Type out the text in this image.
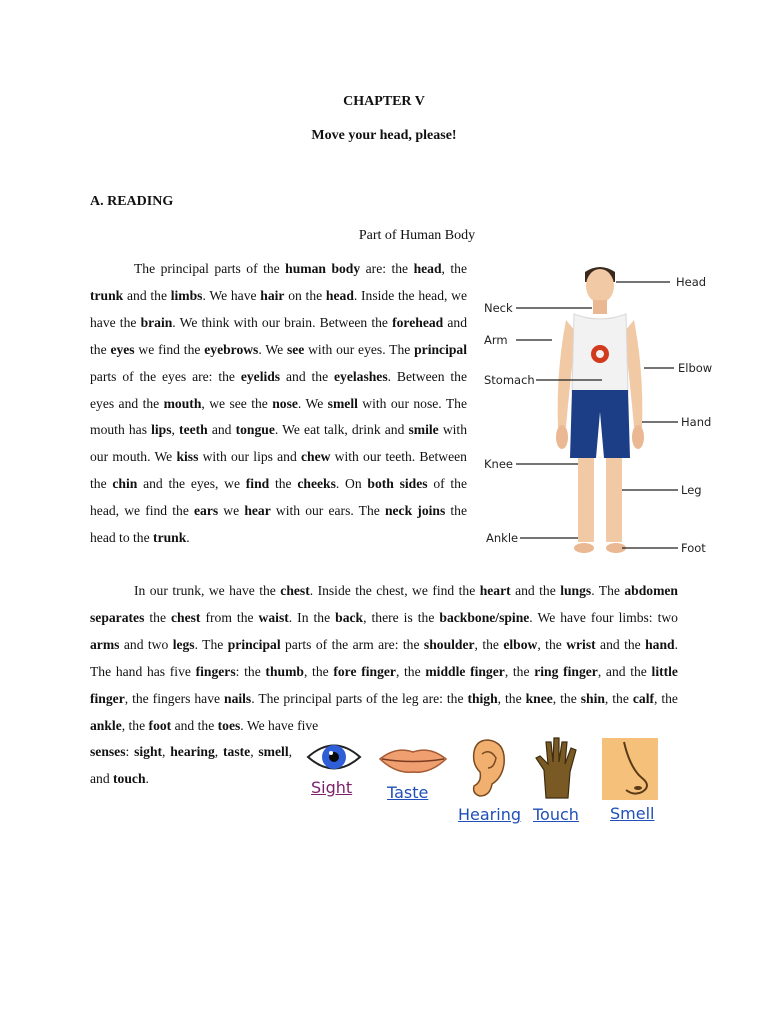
CHAPTER V
Move your head, please!
A. READING
Part of Human Body
The principal parts of the human body are: the head, the trunk and the limbs. We have hair on the head. Inside the head, we have the brain. We think with our brain. Between the forehead and the eyes we find the eyebrows. We see with our eyes. The principal parts of the eyes are: the eyelids and the eyelashes. Between the eyes and the mouth, we see the nose. We smell with our nose. The mouth has lips, teeth and tongue. We eat talk, drink and smile with our mouth. We kiss with our lips and chew with our teeth. Between the chin and the eyes, we find the cheeks. On both sides of the head, we find the ears we hear with our ears. The neck joins the head to the trunk.
In our trunk, we have the chest. Inside the chest, we find the heart and the lungs. The abdomen separates the chest from the waist. In the back, there is the backbone/spine. We have four limbs: two arms and two legs. The principal parts of the arm are: the shoulder, the elbow, the wrist and the hand. The hand has five fingers: the thumb, the fore finger, the middle finger, the ring finger, and the little finger, the fingers have nails. The principal parts of the leg are: the thigh, the knee, the shin, the calf, the ankle, the foot and the toes. We have five
senses: sight, hearing, taste, smell, and touch.
Head
Neck
Arm
Elbow
Stomach
Hand
Knee
Leg
Ankle
Foot
Sight Taste
Hearing Touch Smell
